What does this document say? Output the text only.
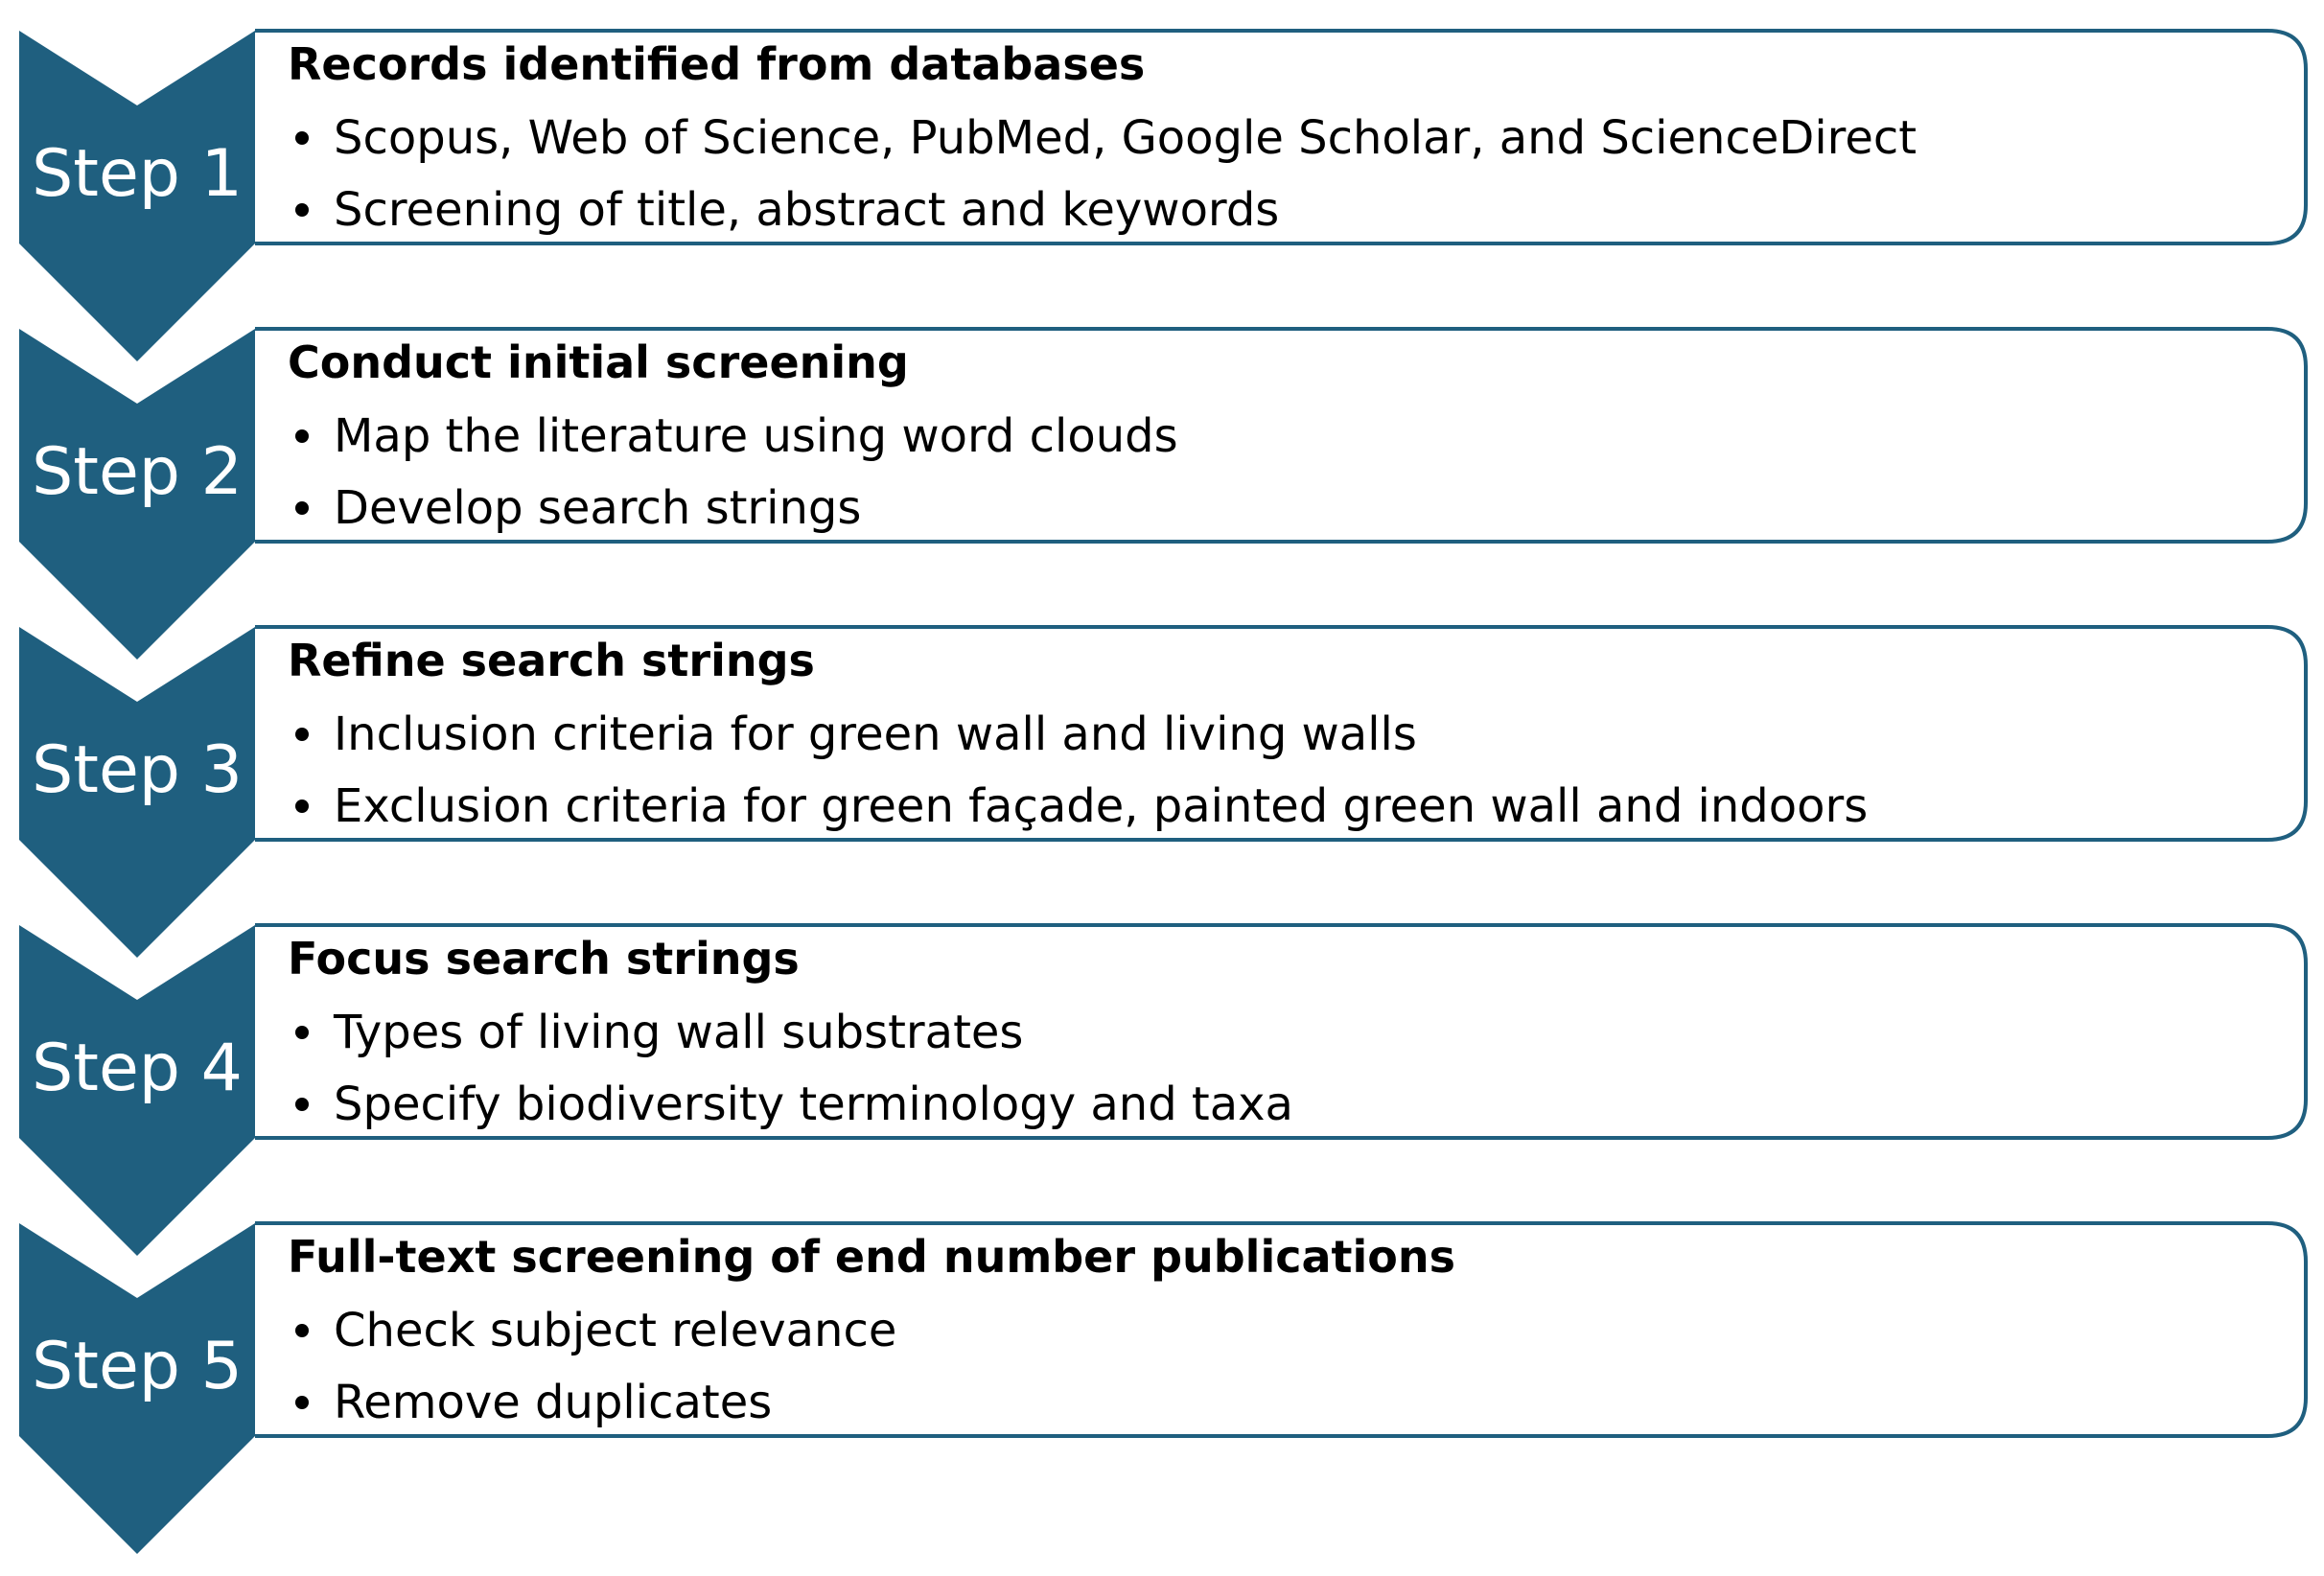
Step 1
Records identified from databases
Scopus, Web of Science, PubMed, Google Scholar, and ScienceDirect
Screening of title, abstract and keywords
Step 2
Conduct initial screening
Map the literature using word clouds
Develop search strings
Step 3
Refine search strings
Inclusion criteria for green wall and living walls
Exclusion criteria for green façade, painted green wall and indoors
Step 4
Focus search strings
Types of living wall substrates
Specify biodiversity terminology and taxa
Step 5
Full-text screening of end number publications
Check subject relevance
Remove duplicates
